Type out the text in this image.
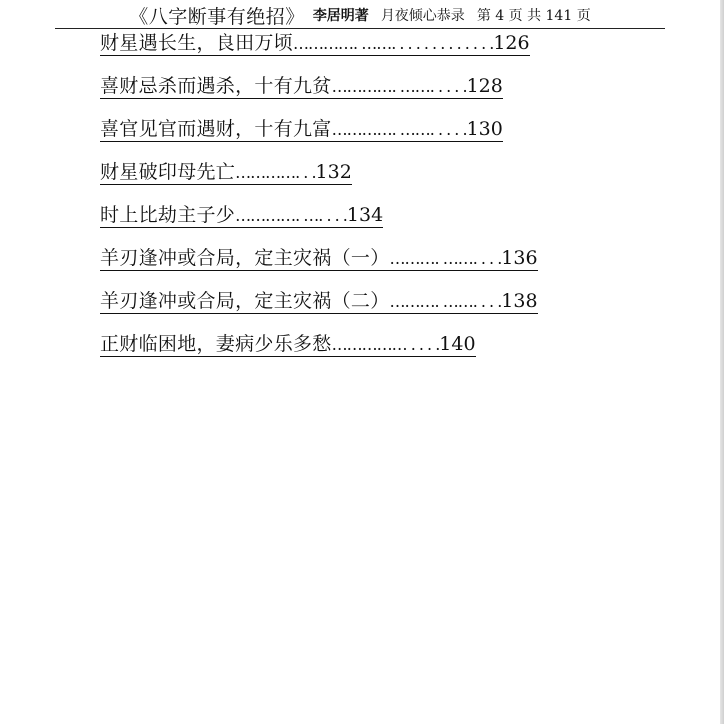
《八字断事有绝招》 李居明著 月夜倾心恭录 第 4 页 共 141 页
财星遇长生，良田万顷 …………. ……. . . . . . . . . . . . . 126
喜财忌杀而遇杀，十有九贫 …………. ……. . . . . 128
喜官见官而遇财，十有九富 …………. ……. . . . . 130
财星破印母先亡 …………. . . 132
时上比劫主子少 …………. …. . . . 134
羊刃逢冲或合局，定主灾祸（一） ………. ……. . . . 136
羊刃逢冲或合局，定主灾祸（二） ………. ……. . . . 138
正财临困地，妻病少乐多愁 …………… . . . . 140
